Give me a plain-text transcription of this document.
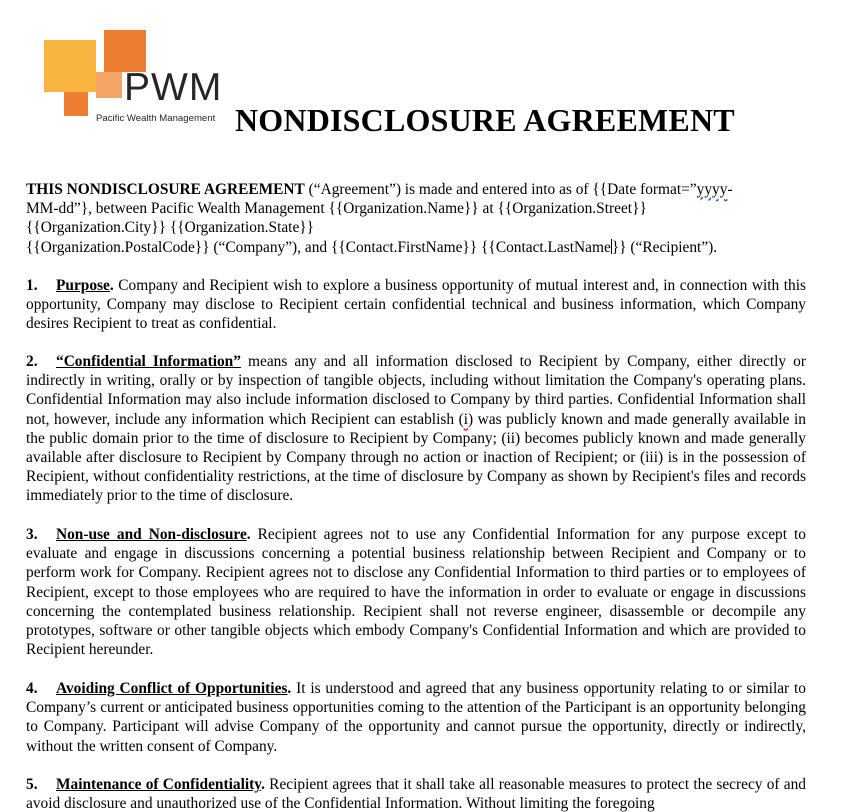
PWM
Pacific Wealth Management NONDISCLOSURE AGREEMENT
THIS NONDISCLOSURE AGREEMENT (“Agreement”) is made and entered into as of {{Date format=”yyyy-
MM-dd”}, between Pacific Wealth Management {{Organization.Name}} at {{Organization.Street}}
{{Organization.City}} {{Organization.State}}
{{Organization.PostalCode}} (“Company”), and {{Contact.FirstName}} {{Contact.LastName}} (“Recipient”).

1. Purpose. Company and Recipient wish to explore a business opportunity of mutual interest and, in connection with this opportunity, Company may disclose to Recipient certain confidential technical and business information, which Company desires Recipient to treat as confidential.

2. “Confidential Information” means any and all information disclosed to Recipient by Company, either directly or indirectly in writing, orally or by inspection of tangible objects, including without limitation the Company's operating plans. Confidential Information may also include information disclosed to Company by third parties. Confidential Information shall not, however, include any information which Recipient can establish (i) was publicly known and made generally available in the public domain prior to the time of disclosure to Recipient by Company; (ii) becomes publicly known and made generally available after disclosure to Recipient by Company through no action or inaction of Recipient; or (iii) is in the possession of Recipient, without confidentiality restrictions, at the time of disclosure by Company as shown by Recipient's files and records immediately prior to the time of disclosure.

3. Non-use and Non-disclosure. Recipient agrees not to use any Confidential Information for any purpose except to evaluate and engage in discussions concerning a potential business relationship between Recipient and Company or to perform work for Company. Recipient agrees not to disclose any Confidential Information to third parties or to employees of Recipient, except to those employees who are required to have the information in order to evaluate or engage in discussions concerning the contemplated business relationship. Recipient shall not reverse engineer, disassemble or decompile any prototypes, software or other tangible objects which embody Company's Confidential Information and which are provided to Recipient hereunder.

4. Avoiding Conflict of Opportunities. It is understood and agreed that any business opportunity relating to or similar to Company’s current or anticipated business opportunities coming to the attention of the Participant is an opportunity belonging to Company. Participant will advise Company of the opportunity and cannot pursue the opportunity, directly or indirectly, without the written consent of Company.

5. Maintenance of Confidentiality. Recipient agrees that it shall take all reasonable measures to protect the secrecy of and avoid disclosure and unauthorized use of the Confidential Information. Without limiting the foregoing
